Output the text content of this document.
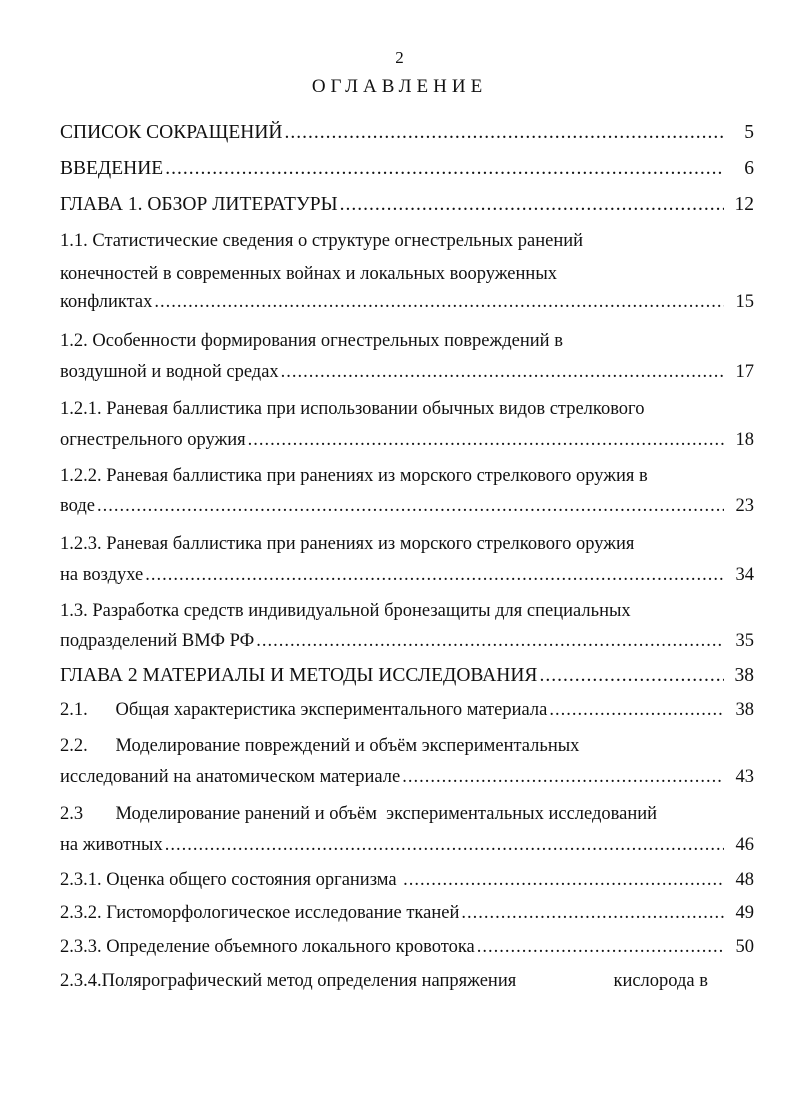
2
ОГЛАВЛЕНИЕ
СПИСОК СОКРАЩЕНИЙ .....	5
ВВЕДЕНИЕ .....	6
ГЛАВА 1. ОБЗОР ЛИТЕРАТУРЫ .....	12
1.1. Статистические сведения о структуре огнестрельных ранений
конечностей в современных войнах и локальных вооруженных
конфликтах .....	15
1.2. Особенности формирования огнестрельных повреждений в
воздушной и водной средах .....	17
1.2.1. Раневая баллистика при использовании обычных видов стрелкового
огнестрельного оружия .....	18
1.2.2. Раневая баллистика при ранениях из морского стрелкового оружия в
воде .....	23
1.2.3. Раневая баллистика при ранениях из морского стрелкового оружия
на воздухе .....	34
1.3. Разработка средств индивидуальной бронезащиты для специальных
подразделений ВМФ РФ .....	35
ГЛАВА 2 МАТЕРИАЛЫ И МЕТОДЫ ИССЛЕДОВАНИЯ .....	38
2.1.      Общая характеристика экспериментального материала .....	38
2.2.      Моделирование повреждений и объём экспериментальных
исследований на анатомическом материале .....	43
2.3       Моделирование ранений и объём  экспериментальных исследований
на животных .....	46
2.3.1. Оценка общего состояния организма .....	48
2.3.2. Гистоморфологическое исследование тканей .....	49
2.3.3. Определение объемного локального кровотока .....	50
2.3.4.Полярографический метод определения напряжения	кислорода в
